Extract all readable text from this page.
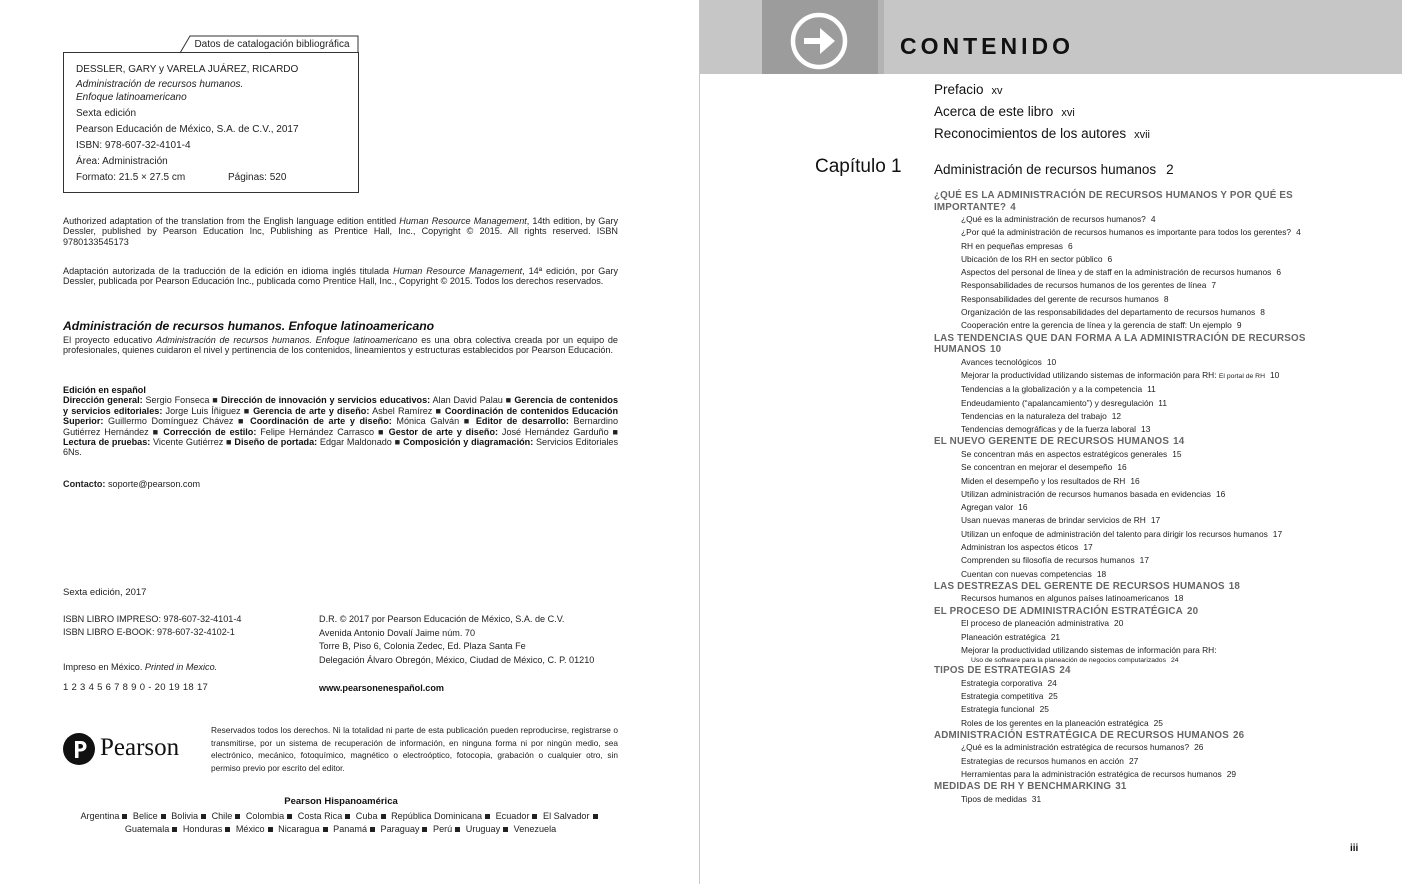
Datos de catalogación bibliográfica
DESSLER, GARY y VARELA JUÁREZ, RICARDO
Administración de recursos humanos.
Enfoque latinoamericano
Sexta edición
Pearson Educación de México, S.A. de C.V., 2017
ISBN: 978-607-32-4101-4
Área: Administración
Formato: 21.5 × 27.5 cm	Páginas: 520

Authorized adaptation of the translation from the English language edition entitled Human Resource Management, 14th edition, by Gary Dessler, published by Pearson Education Inc, Publishing as Prentice Hall, Inc., Copyright © 2015. All rights reserved. ISBN 9780133545173

Adaptación autorizada de la traducción de la edición en idioma inglés titulada Human Resource Management, 14ª edición, por Gary Dessler, publicada por Pearson Educación Inc., publicada como Prentice Hall, Inc., Copyright © 2015. Todos los derechos reservados.

Administración de recursos humanos. Enfoque latinoamericano

El proyecto educativo Administración de recursos humanos. Enfoque latinoamericano es una obra colectiva creada por un equipo de profesionales, quienes cuidaron el nivel y pertinencia de los contenidos, lineamientos y estructuras establecidos por Pearson Educación.

Edición en español
Dirección general: Sergio Fonseca ■ Dirección de innovación y servicios educativos: Alan David Palau ■ Gerencia de contenidos y servicios editoriales: Jorge Luis Íñiguez ■ Gerencia de arte y diseño: Asbel Ramírez ■ Coordinación de contenidos Educación Superior: Guillermo Domínguez Chávez ■ Coordinación de arte y diseño: Mónica Galván ■ Editor de desarrollo: Bernardino Gutiérrez Hernández ■ Corrección de estilo: Felipe Hernández Carrasco ■ Gestor de arte y diseño: José Hernández Garduño ■ Lectura de pruebas: Vicente Gutiérrez ■ Diseño de portada: Edgar Maldonado ■ Composición y diagramación: Servicios Editoriales 6Ns.

Contacto: soporte@pearson.com

Sexta edición, 2017
ISBN LIBRO IMPRESO: 978-607-32-4101-4
ISBN LIBRO E-BOOK: 978-607-32-4102-1
Impreso en México. Printed in Mexico.
1 2 3 4 5 6 7 8 9 0 - 20 19 18 17
D.R. © 2017 por Pearson Educación de México, S.A. de C.V.
Avenida Antonio Dovalí Jaime núm. 70
Torre B, Piso 6, Colonia Zedec, Ed. Plaza Santa Fe
Delegación Álvaro Obregón, México, Ciudad de México, C. P. 01210
www.pearsonenespañol.com
Pearson

Reservados todos los derechos. Ni la totalidad ni parte de esta publicación pueden reproducirse, registrarse o transmitirse, por un sistema de recuperación de información, en ninguna forma ni por ningún medio, sea electrónico, mecánico, fotoquímico, magnético o electroóptico, fotocopia, grabación o cualquier otro, sin permiso previo por escrito del editor.

Pearson Hispanoamérica
Argentina Belice Bolivia Chile Colombia Costa Rica Cuba República Dominicana Ecuador El Salvador Guatemala Honduras México Nicaragua Panamá Paraguay Perú Uruguay Venezuela
CONTENIDO
Prefacio xv
Acerca de este libro xvi
Reconocimientos de los autores xvii
Capítulo 1 Administración de recursos humanos 2
¿QUÉ ES LA ADMINISTRACIÓN DE RECURSOS HUMANOS Y POR QUÉ ES IMPORTANTE? 4
¿Qué es la administración de recursos humanos? 4
¿Por qué la administración de recursos humanos es importante para todos los gerentes? 4
RH en pequeñas empresas 6
Ubicación de los RH en sector público 6
Aspectos del personal de línea y de staff en la administración de recursos humanos 6
Responsabilidades de recursos humanos de los gerentes de línea 7
Responsabilidades del gerente de recursos humanos 8
Organización de las responsabilidades del departamento de recursos humanos 8
Cooperación entre la gerencia de línea y la gerencia de staff: Un ejemplo 9
LAS TENDENCIAS QUE DAN FORMA A LA ADMINISTRACIÓN DE RECURSOS HUMANOS 10
Avances tecnológicos 10
Mejorar la productividad utilizando sistemas de información para RH: El portal de RH 10
Tendencias a la globalización y a la competencia 11
Endeudamiento (“apalancamiento”) y desregulación 11
Tendencias en la naturaleza del trabajo 12
Tendencias demográficas y de la fuerza laboral 13
EL NUEVO GERENTE DE RECURSOS HUMANOS 14
Se concentran más en aspectos estratégicos generales 15
Se concentran en mejorar el desempeño 16
Miden el desempeño y los resultados de RH 16
Utilizan administración de recursos humanos basada en evidencias 16
Agregan valor 16
Usan nuevas maneras de brindar servicios de RH 17
Utilizan un enfoque de administración del talento para dirigir los recursos humanos 17
Administran los aspectos éticos 17
Comprenden su filosofía de recursos humanos 17
Cuentan con nuevas competencias 18
LAS DESTREZAS DEL GERENTE DE RECURSOS HUMANOS 18
Recursos humanos en algunos países latinoamericanos 18
EL PROCESO DE ADMINISTRACIÓN ESTRATÉGICA 20
El proceso de planeación administrativa 20
Planeación estratégica 21
Mejorar la productividad utilizando sistemas de información para RH:
Uso de software para la planeación de negocios computarizados 24
TIPOS DE ESTRATEGIAS 24
Estrategia corporativa 24
Estrategia competitiva 25
Estrategia funcional 25
Roles de los gerentes en la planeación estratégica 25
ADMINISTRACIÓN ESTRATÉGICA DE RECURSOS HUMANOS 26
¿Qué es la administración estratégica de recursos humanos? 26
Estrategias de recursos humanos en acción 27
Herramientas para la administración estratégica de recursos humanos 29
MEDIDAS DE RH Y BENCHMARKING 31
Tipos de medidas 31
iii
